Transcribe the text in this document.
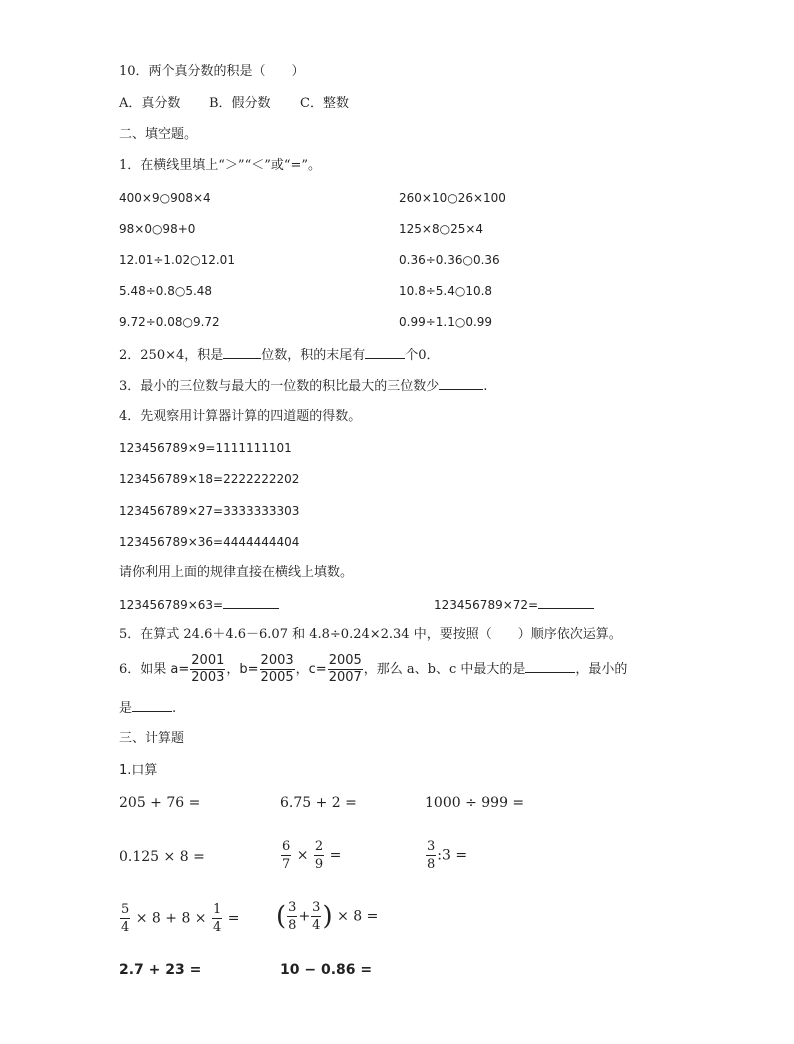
10．两个真分数的积是（　　）
A．真分数 B．假分数 C．整数
二、填空题。
1．在横线里填上“＞”“＜”或“=”。
400×9○908×4	260×10○26×100
98×0○98+0	125×8○25×4
12.01÷1.02○12.01	0.36÷0.36○0.36
5.48÷0.8○5.48	10.8÷5.4○10.8
9.72÷0.08○9.72	0.99÷1.1○0.99
2．250×4，积是	位数，积的末尾有	个0．
3．最小的三位数与最大的一位数的积比最大的三位数少	.
4．先观察用计算器计算的四道题的得数。
123456789×9=1111111101
123456789×18=2222222202
123456789×27=3333333303
123456789×36=4444444404
请你利用上面的规律直接在横线上填数。
123456789×63=	123456789×72=
5．在算式 24.6＋4.6－6.07 和 4.8÷0.24×2.34 中，要按照（　　）顺序依次运算。
6．如果 $a= \frac{2001}{2003}$ ，$b= \frac{2003}{2005}$ ，$c= \frac{2005}{2007}$ ，那么 a、b、c 中最大的是	，最小的
是	.
三、计算题
1.口算
205 + 76 =	6.75 + 2 =	1000 ÷ 999 =
0.125 × 8 =	$\frac{6}{7} \times \frac{2}{9}$ =	$\frac{3}{8}$ :3 =
$\frac{5}{4} \times 8 + 8 \times \frac{1}{4}$ = ( $\frac{3}{8} + \frac{3}{4}$ ) × 8 =
2.7 + 23 =	10 − 0.86 =
